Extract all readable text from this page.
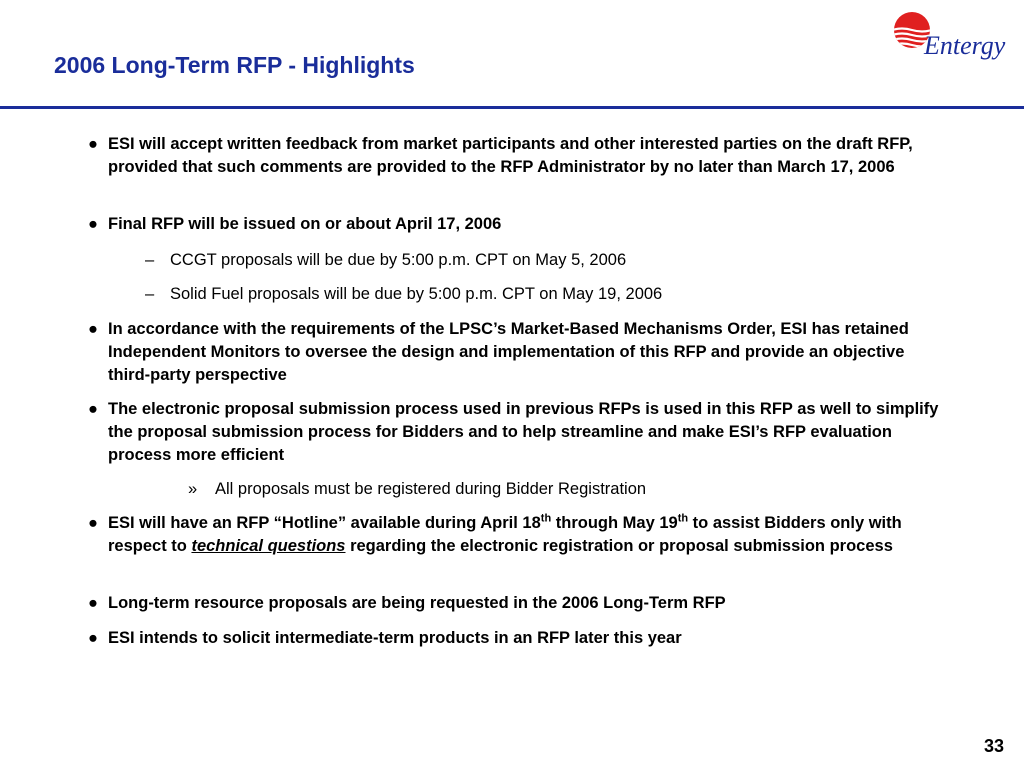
2006 Long-Term RFP - Highlights
Entergy
● ESI will accept written feedback from market participants and other interested parties on the draft RFP, provided that such comments are provided to the RFP Administrator by no later than March 17, 2006
● Final RFP will be issued on or about April 17, 2006
– CCGT proposals will be due by 5:00 p.m. CPT on May 5, 2006
– Solid Fuel proposals will be due by 5:00 p.m. CPT on May 19, 2006
● In accordance with the requirements of the LPSC’s Market-Based Mechanisms Order, ESI has retained Independent Monitors to oversee the design and implementation of this RFP and provide an objective third-party perspective
● The electronic proposal submission process used in previous RFPs is used in this RFP as well to simplify the proposal submission process for Bidders and to help streamline and make ESI’s RFP evaluation process more efficient
» All proposals must be registered during Bidder Registration
● ESI will have an RFP “Hotline” available during April 18th through May 19th to assist Bidders only with respect to technical questions regarding the electronic registration or proposal submission process
● Long-term resource proposals are being requested in the 2006 Long-Term RFP
● ESI intends to solicit intermediate-term products in an RFP later this year
33
